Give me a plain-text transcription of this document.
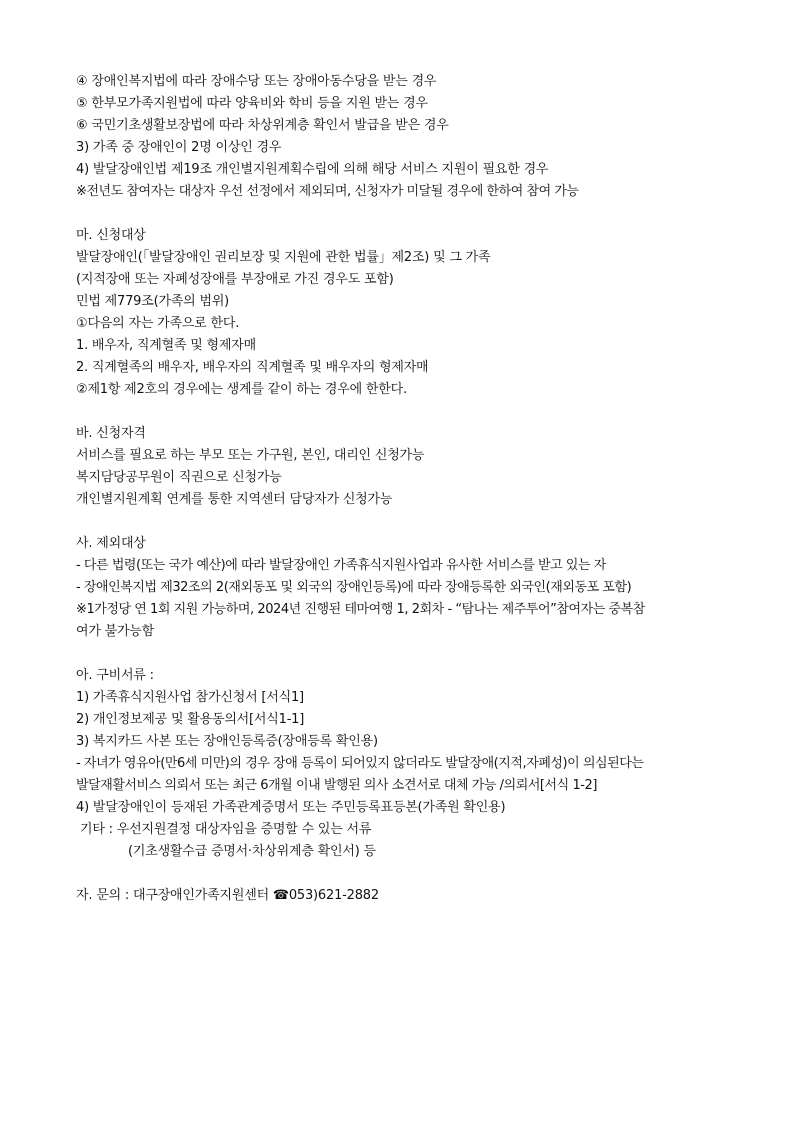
④ 장애인복지법에 따라 장애수당 또는 장애아동수당을 받는 경우
⑤ 한부모가족지원법에 따라 양육비와 학비 등을 지원 받는 경우
⑥ 국민기초생활보장법에 따라 차상위계층 확인서 발급을 받은 경우
3) 가족 중 장애인이 2명 이상인 경우
4) 발달장애인법 제19조 개인별지원계획수립에 의해 해당 서비스 지원이 필요한 경우
※전년도 참여자는 대상자 우선 선정에서 제외되며, 신청자가 미달될 경우에 한하여 참여 가능
마. 신청대상
발달장애인(「발달장애인 권리보장 및 지원에 관한 법률」제2조) 및 그 가족
(지적장애 또는 자폐성장애를 부장애로 가진 경우도 포함)
민법 제779조(가족의 범위)
①다음의 자는 가족으로 한다.
1. 배우자, 직계혈족 및 형제자매
2. 직계혈족의 배우자, 배우자의 직계혈족 및 배우자의 형제자매
②제1항 제2호의 경우에는 생계를 같이 하는 경우에 한한다.
바. 신청자격
서비스를 필요로 하는 부모 또는 가구원, 본인, 대리인 신청가능
복지담당공무원이 직권으로 신청가능
개인별지원계획 연계를 통한 지역센터 담당자가 신청가능
사. 제외대상
- 다른 법령(또는 국가 예산)에 따라 발달장애인 가족휴식지원사업과 유사한 서비스를 받고 있는 자
- 장애인복지법 제32조의 2(재외동포 및 외국의 장애인등록)에 따라 장애등록한 외국인(재외동포 포함)
※1가정당 연 1회 지원 가능하며, 2024년 진행된 테마여행 1, 2회차 - “탐나는 제주투어”참여자는 중복참
여가 불가능함
아. 구비서류 :
1) 가족휴식지원사업 참가신청서 [서식1]
2) 개인정보제공 및 활용동의서[서식1-1]
3) 복지카드 사본 또는 장애인등록증(장애등록 확인용)
- 자녀가 영유아(만6세 미만)의 경우 장애 등록이 되어있지 않더라도 발달장애(지적,자폐성)이 의심된다는
발달재활서비스 의뢰서 또는 최근 6개월 이내 발행된 의사 소견서로 대체 가능 /의뢰서[서식 1-2]
4) 발달장애인이 등재된 가족관계증명서 또는 주민등록표등본(가족원 확인용)
기타 : 우선지원결정 대상자임을 증명할 수 있는 서류
(기초생활수급 증명서·차상위계층 확인서) 등
자. 문의 : 대구장애인가족지원센터 ☎053)621-2882
